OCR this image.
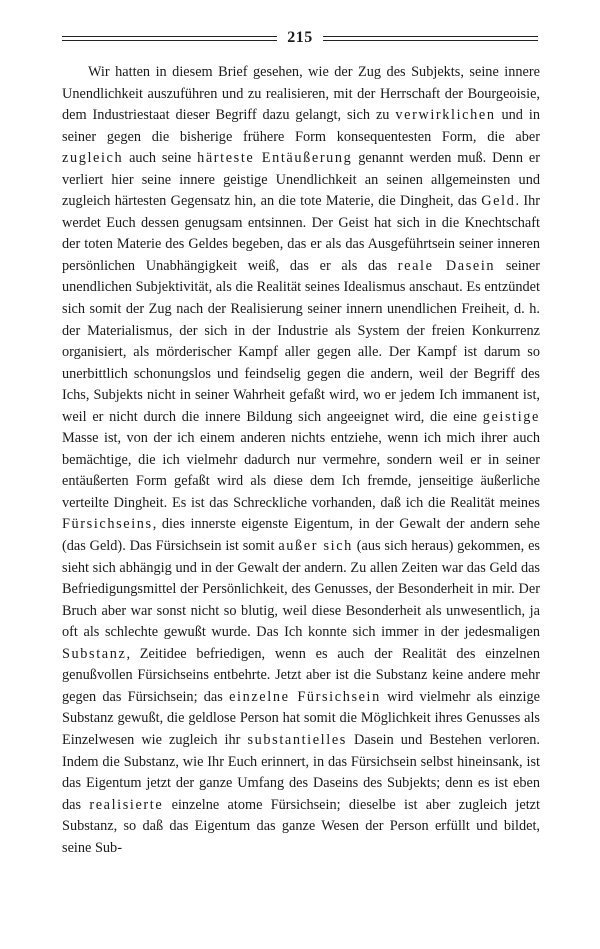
215

Wir hatten in diesem Brief gesehen, wie der Zug des Subjekts, seine innere Unendlichkeit auszuführen und zu realisieren, mit der Herrschaft der Bourgeoisie, dem Industriestaat dieser Begriff dazu gelangt, sich zu verwirklichen und in seiner gegen die bisherige frühere Form konsequentesten Form, die aber zugleich auch seine härteste Entäußerung genannt werden muß. Denn er verliert hier seine innere geistige Unendlichkeit an seinen allgemeinsten und zugleich härtesten Gegensatz hin, an die tote Materie, die Dingheit, das Geld. Ihr werdet Euch dessen genugsam entsinnen. Der Geist hat sich in die Knechtschaft der toten Materie des Geldes begeben, das er als das Ausgeführtsein seiner inneren persönlichen Unabhängigkeit weiß, das er als das reale Dasein seiner unendlichen Subjektivität, als die Realität seines Idealismus anschaut. Es entzündet sich somit der Zug nach der Realisierung seiner innern unendlichen Freiheit, d. h. der Materialismus, der sich in der Industrie als System der freien Konkurrenz organisiert, als mörderischer Kampf aller gegen alle. Der Kampf ist darum so unerbittlich schonungslos und feindselig gegen die andern, weil der Begriff des Ichs, Subjekts nicht in seiner Wahrheit gefaßt wird, wo er jedem Ich immanent ist, weil er nicht durch die innere Bildung sich angeeignet wird, die eine geistige Masse ist, von der ich einem anderen nichts entziehe, wenn ich mich ihrer auch bemächtige, die ich vielmehr dadurch nur vermehre, sondern weil er in seiner entäußerten Form gefaßt wird als diese dem Ich fremde, jenseitige äußerliche verteilte Dingheit. Es ist das Schreckliche vorhanden, daß ich die Realität meines Fürsichseins, dies innerste eigenste Eigentum, in der Gewalt der andern sehe (das Geld). Das Fürsichsein ist somit außer sich (aus sich heraus) gekommen, es sieht sich abhängig und in der Gewalt der andern. Zu allen Zeiten war das Geld das Befriedigungsmittel der Persönlichkeit, des Genusses, der Besonderheit in mir. Der Bruch aber war sonst nicht so blutig, weil diese Besonderheit als unwesentlich, ja oft als schlechte gewußt wurde. Das Ich konnte sich immer in der jedesmaligen Substanz, Zeitidee befriedigen, wenn es auch der Realität des einzelnen genußvollen Fürsichseins entbehrte. Jetzt aber ist die Substanz keine andere mehr gegen das Fürsichsein; das einzelne Fürsichsein wird vielmehr als einzige Substanz gewußt, die geldlose Person hat somit die Möglichkeit ihres Genusses als Einzelwesen wie zugleich ihr substantielles Dasein und Bestehen verloren. Indem die Substanz, wie Ihr Euch erinnert, in das Fürsichsein selbst hineinsank, ist das Eigentum jetzt der ganze Umfang des Daseins des Subjekts; denn es ist eben das realisierte einzelne atome Fürsichsein; dieselbe ist aber zugleich jetzt Substanz, so daß das Eigentum das ganze Wesen der Person erfüllt und bildet, seine Sub-
